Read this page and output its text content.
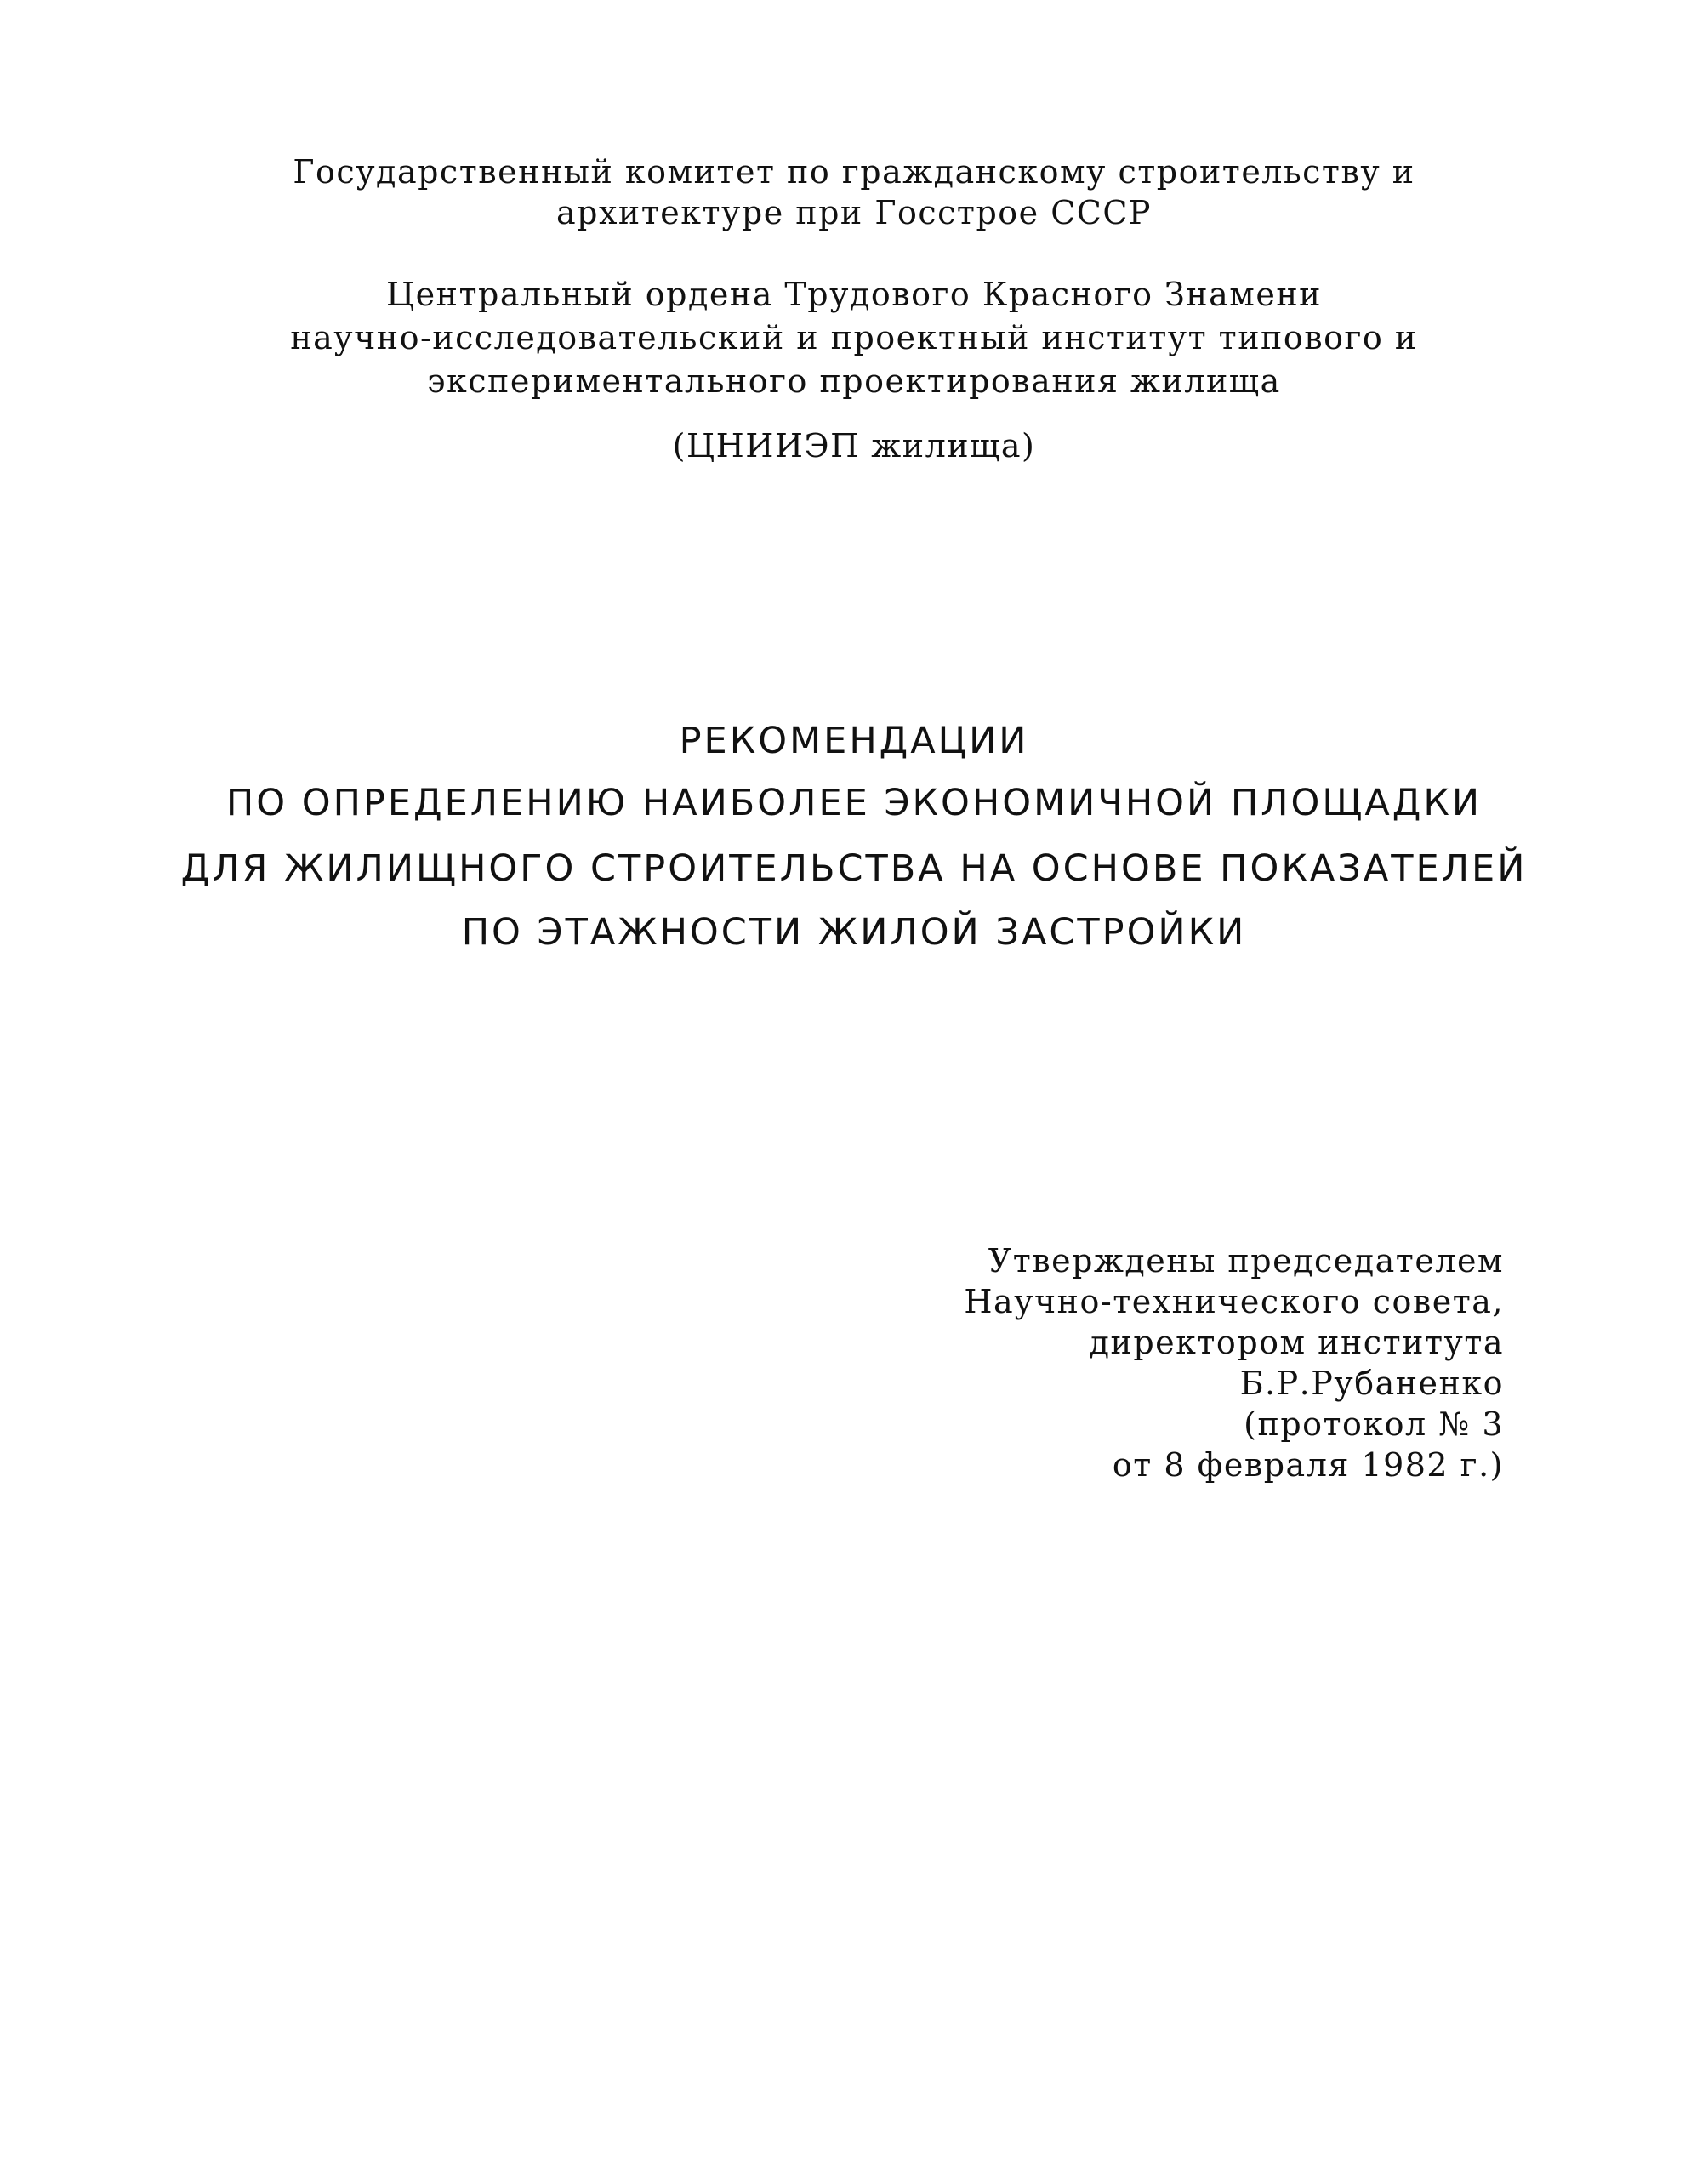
Государственный комитет по гражданскому строительству и

архитектуре при Госстрое СССР

Центральный ордена Трудового Красного Знамени

научно-исследовательский и проектный институт типового и

экспериментального проектирования жилища

(ЦНИИЭП жилища)

РЕКОМЕНДАЦИИ

ПО ОПРЕДЕЛЕНИЮ НАИБОЛЕЕ ЭКОНОМИЧНОЙ ПЛОЩАДКИ

ДЛЯ ЖИЛИЩНОГО СТРОИТЕЛЬСТВА НА ОСНОВЕ ПОКАЗАТЕЛЕЙ

ПО ЭТАЖНОСТИ ЖИЛОЙ ЗАСТРОЙКИ

Утверждены председателем
Научно-технического совета,
директором института
Б.Р.Рубаненко
(протокол № 3
от 8 февраля 1982 г.)
